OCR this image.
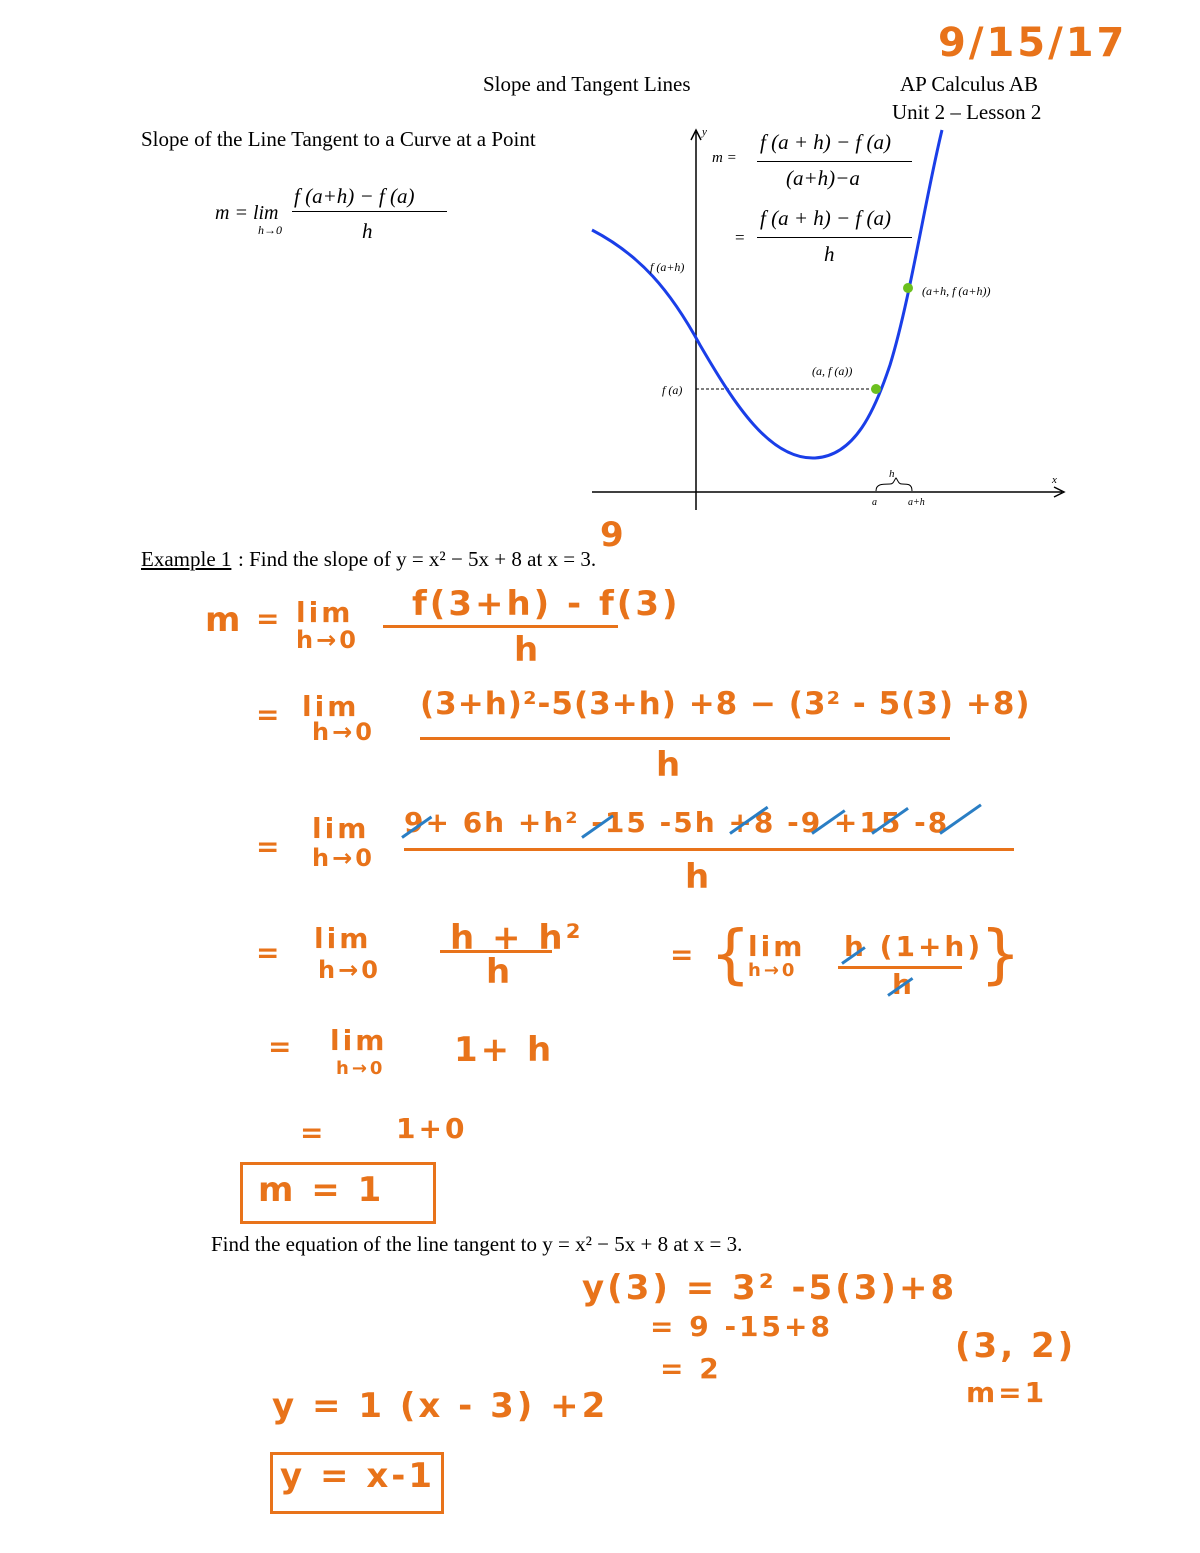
9/15/17
Slope and Tangent Lines	AP Calculus AB
Unit 2 – Lesson 2
Slope of the Line Tangent to a Curve at a Point
m = lim
h→0
f (a+h) − f (a)
h
y
x
f (a+h)
f (a)
(a, f (a))
(a+h, f (a+h))
h
a	a+h
m =
f (a + h) − f (a)
(a+h)−a
=
f (a + h) − f (a)
h
9
Example 1 : Find the slope of y = x² − 5x + 8 at x = 3.
m = lim
h→0
f(3+h) - f(3)
h
= lim
h→0
(3+h)²-5(3+h) +8 − (3² - 5(3) +8)
h
=
lim
h→0
9+ 6h +h² -15 -5h +8 -9 +15 -8
h
= lim
h→0
h + h²
h	= {
lim
h→0
h (1+h)
h }
= lim
h→0 1+ h
= 1+0
m = 1
Find the equation of the line tangent to y = x² − 5x + 8 at x = 3.
y(3) = 3² -5(3)+8
= 9 -15+8
= 2
(3, 2)
m=1
y = 1 (x - 3) +2
y = x-1
